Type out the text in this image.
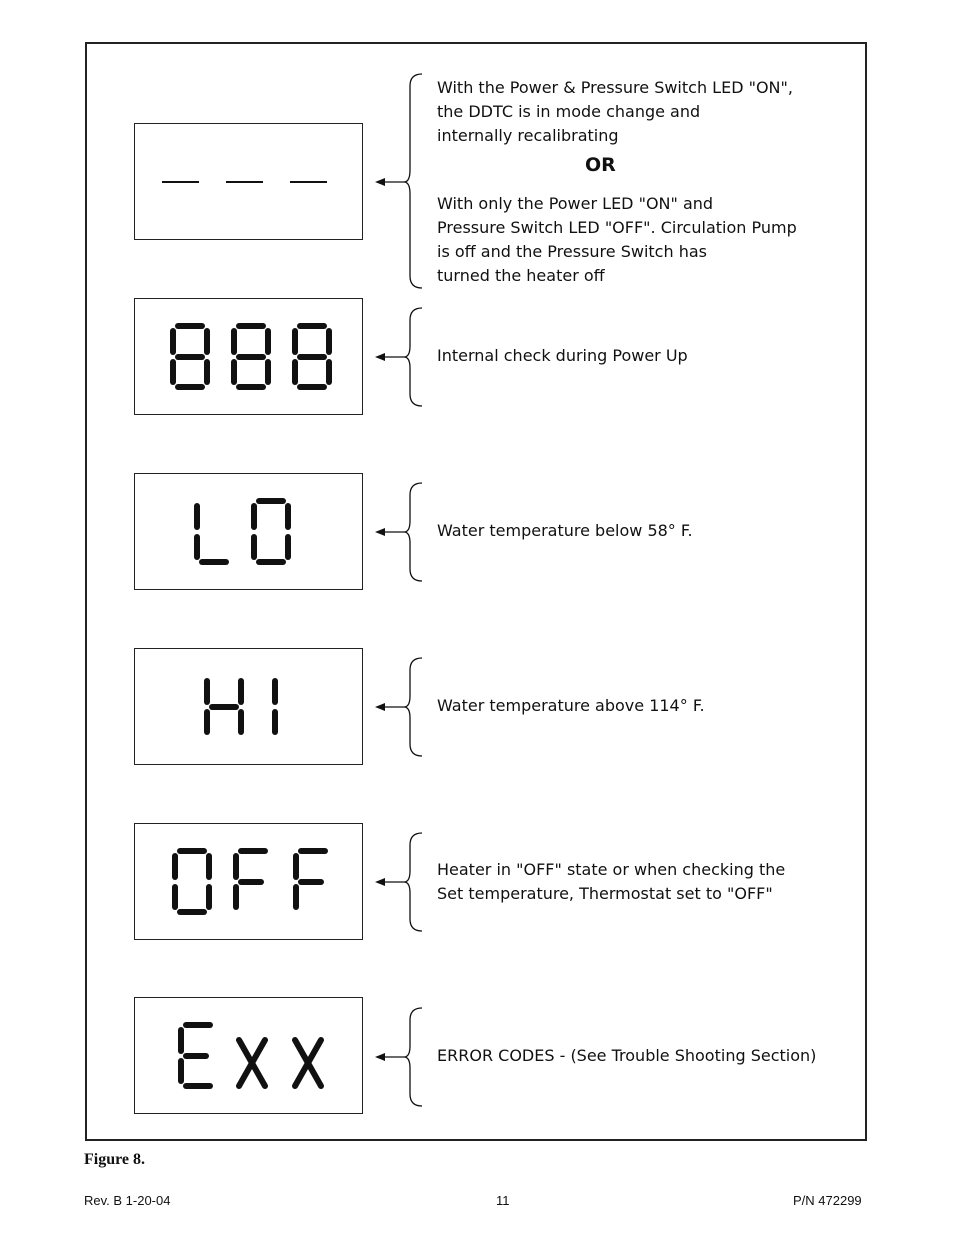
With the Power & Pressure Switch LED "ON",
the DDTC is in mode change and
internally recalibrating
OR
With only the Power LED "ON" and
Pressure Switch LED "OFF". Circulation Pump
is off and the Pressure Switch has
turned the heater off
Internal check during Power Up
Water temperature below 58° F.
Water temperature above 114° F.
Heater in "OFF" state or when checking the
Set temperature, Thermostat set to "OFF"
ERROR CODES - (See Trouble Shooting Section)
Figure 8.
Rev. B 1-20-04	11	P/N 472299
